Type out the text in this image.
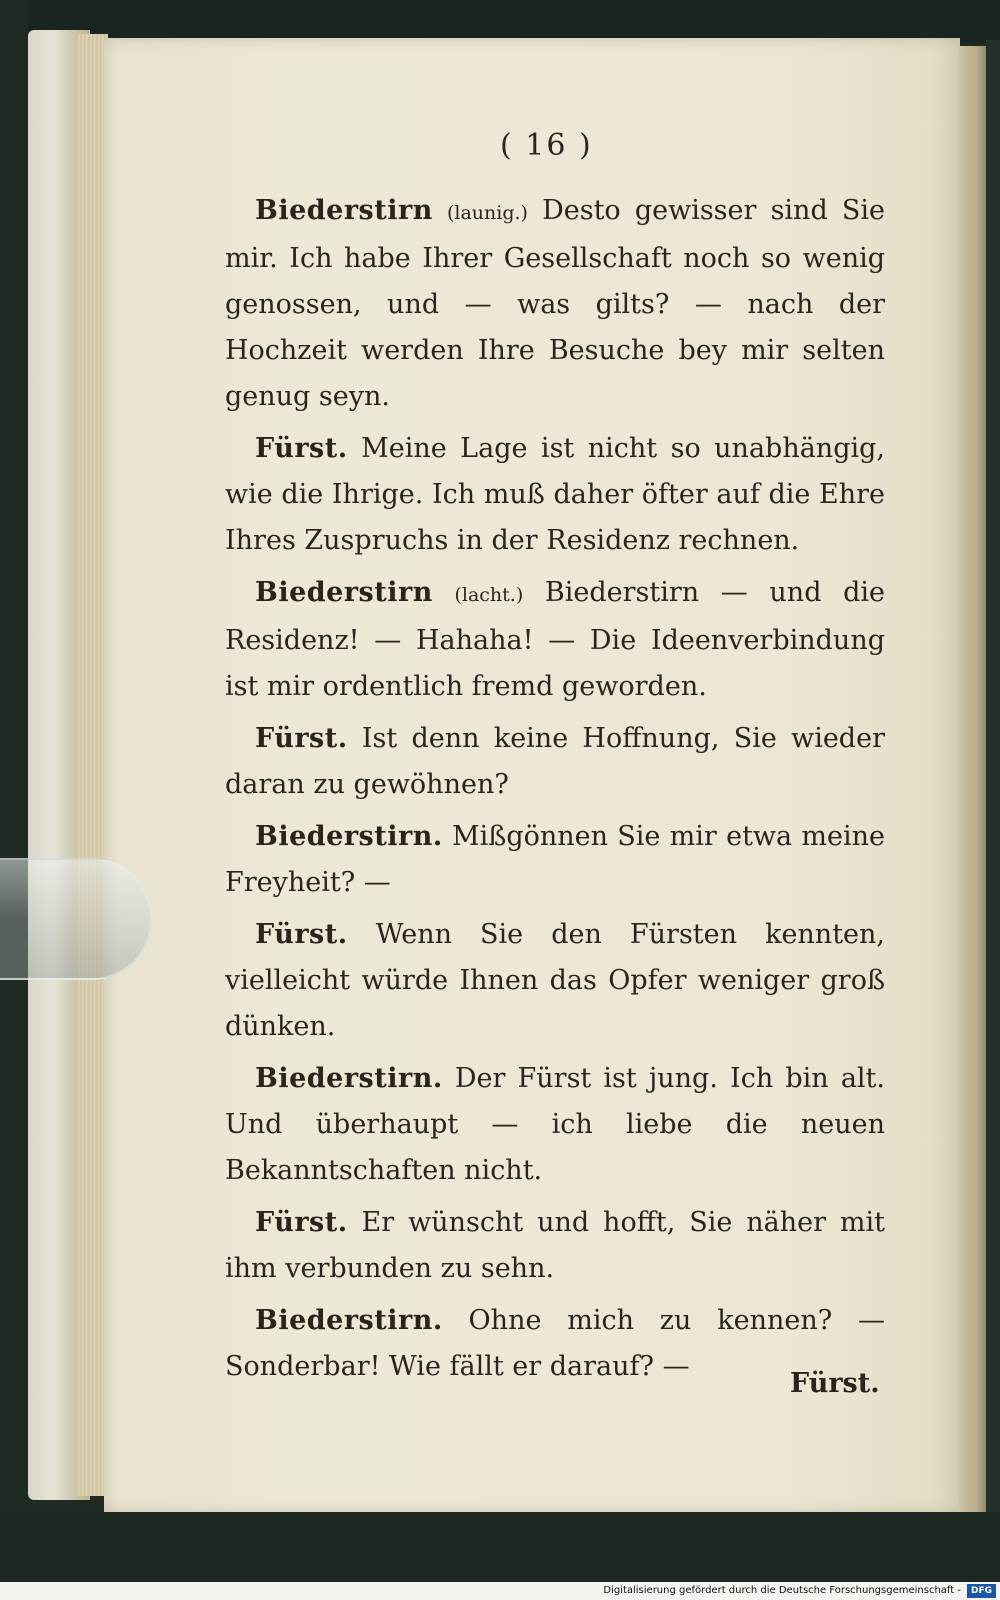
( 16 )

Biederstirn (launig.) Desto gewisser sind Sie mir. Ich habe Ihrer Gesellschaft noch so wenig genossen, und — was gilts? — nach der Hochzeit werden Ihre Besuche bey mir selten genug seyn.

Fürst. Meine Lage ist nicht so unabhängig, wie die Ihrige. Ich muß daher öfter auf die Ehre Ihres Zuspruchs in der Residenz rechnen.

Biederstirn (lacht.) Biederstirn — und die Residenz! — Hahaha! — Die Ideenverbindung ist mir ordentlich fremd geworden.

Fürst. Ist denn keine Hoffnung, Sie wieder daran zu gewöhnen?

Biederstirn. Mißgönnen Sie mir etwa meine Freyheit? —

Fürst. Wenn Sie den Fürsten kennten, vielleicht würde Ihnen das Opfer weniger groß dünken.

Biederstirn. Der Fürst ist jung. Ich bin alt. Und überhaupt — ich liebe die neuen Bekanntschaften nicht.

Fürst. Er wünscht und hofft, Sie näher mit ihm verbunden zu sehn.

Biederstirn. Ohne mich zu kennen? — Sonderbar! Wie fällt er darauf? —

Fürst.
Digitalisierung gefördert durch die Deutsche Forschungsgemeinschaft - DFG
